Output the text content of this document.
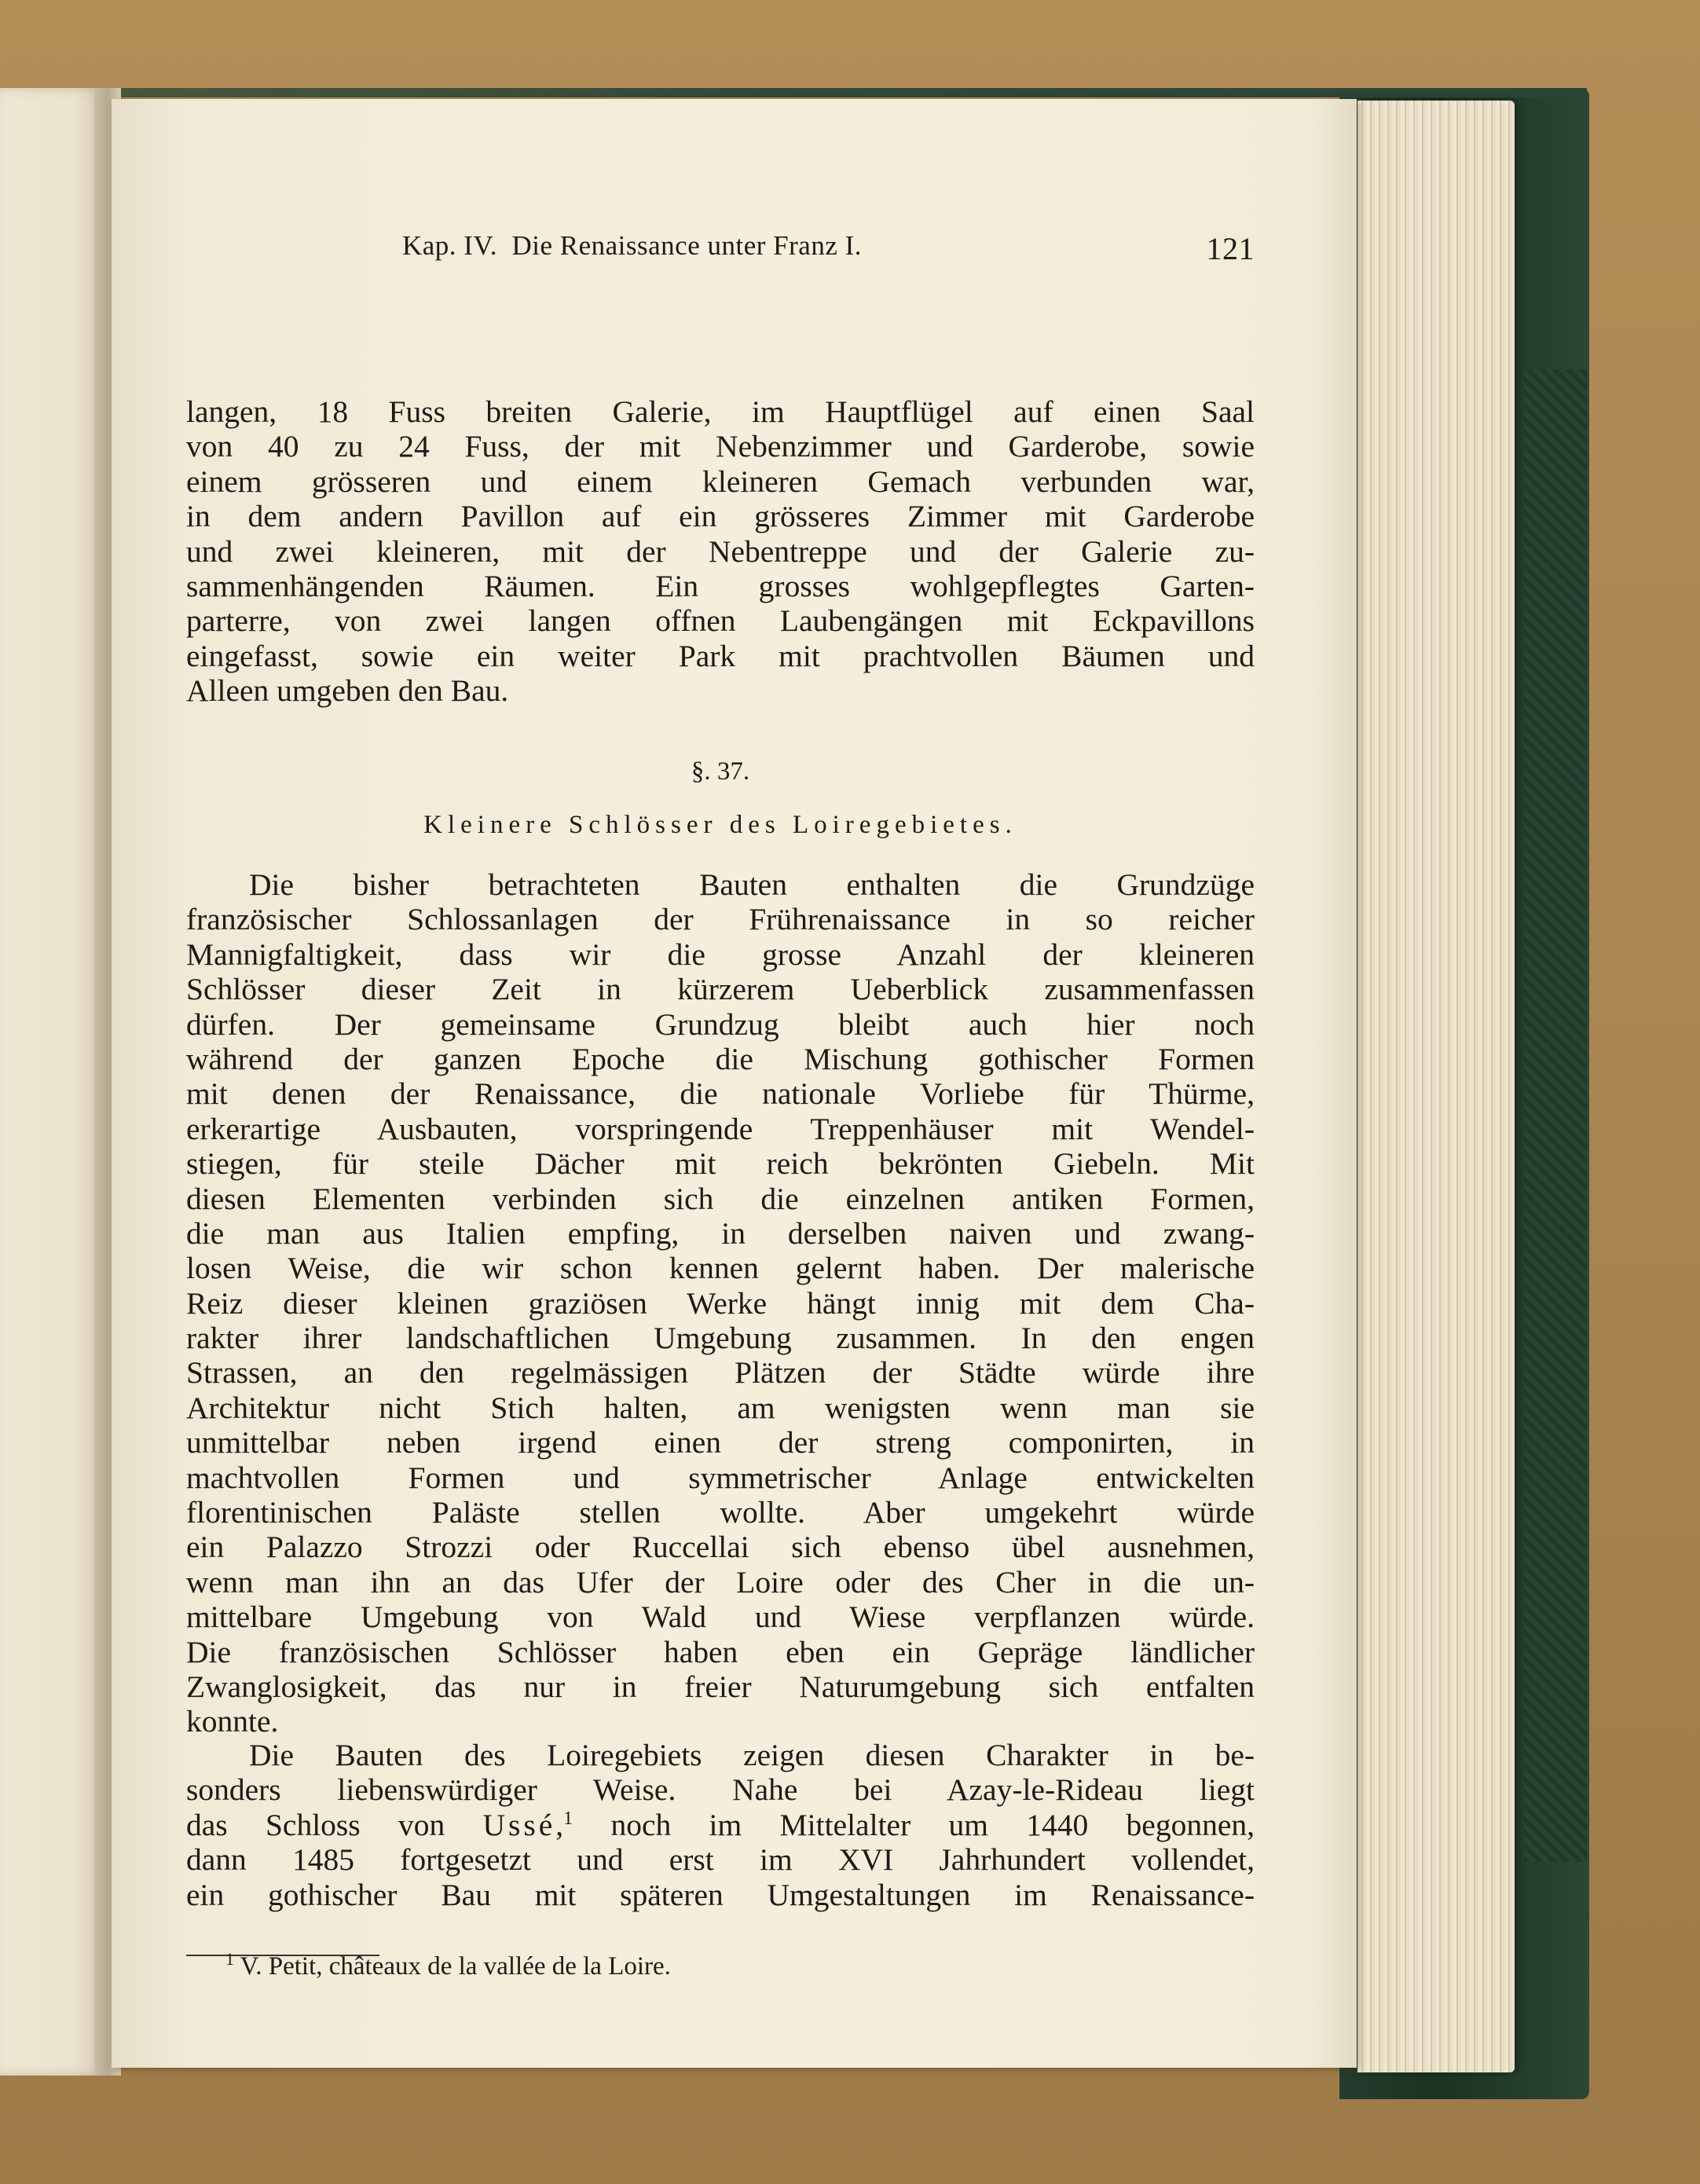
Kap. IV.  Die Renaissance unter Franz I.	121
langen, 18 Fuss breiten Galerie, im Hauptflügel auf einen Saal
von 40 zu 24 Fuss, der mit Nebenzimmer und Garderobe, sowie
einem grösseren und einem kleineren Gemach verbunden war,
in dem andern Pavillon auf ein grösseres Zimmer mit Garderobe
und zwei kleineren, mit der Nebentreppe und der Galerie zu-
sammenhängenden Räumen. Ein grosses wohlgepflegtes Garten-
parterre, von zwei langen offnen Laubengängen mit Eckpavillons
eingefasst, sowie ein weiter Park mit prachtvollen Bäumen und
Alleen umgeben den Bau.
§. 37.
Kleinere Schlösser des Loiregebietes.
Die bisher betrachteten Bauten enthalten die Grundzüge
französischer Schlossanlagen der Frührenaissance in so reicher
Mannigfaltigkeit, dass wir die grosse Anzahl der kleineren
Schlösser dieser Zeit in kürzerem Ueberblick zusammenfassen
dürfen. Der gemeinsame Grundzug bleibt auch hier noch
während der ganzen Epoche die Mischung gothischer Formen
mit denen der Renaissance, die nationale Vorliebe für Thürme,
erkerartige Ausbauten, vorspringende Treppenhäuser mit Wendel-
stiegen, für steile Dächer mit reich bekrönten Giebeln. Mit
diesen Elementen verbinden sich die einzelnen antiken Formen,
die man aus Italien empfing, in derselben naiven und zwang-
losen Weise, die wir schon kennen gelernt haben. Der malerische
Reiz dieser kleinen graziösen Werke hängt innig mit dem Cha-
rakter ihrer landschaftlichen Umgebung zusammen. In den engen
Strassen, an den regelmässigen Plätzen der Städte würde ihre
Architektur nicht Stich halten, am wenigsten wenn man sie
unmittelbar neben irgend einen der streng componirten, in
machtvollen Formen und symmetrischer Anlage entwickelten
florentinischen Paläste stellen wollte. Aber umgekehrt würde
ein Palazzo Strozzi oder Ruccellai sich ebenso übel ausnehmen,
wenn man ihn an das Ufer der Loire oder des Cher in die un-
mittelbare Umgebung von Wald und Wiese verpflanzen würde.
Die französischen Schlösser haben eben ein Gepräge ländlicher
Zwanglosigkeit, das nur in freier Naturumgebung sich entfalten
konnte.
Die Bauten des Loiregebiets zeigen diesen Charakter in be-
sonders liebenswürdiger Weise. Nahe bei Azay-le-Rideau liegt
das Schloss von Ussé,$^1$ noch im Mittelalter um 1440 begonnen,
dann 1485 fortgesetzt und erst im XVI Jahrhundert vollendet,
ein gothischer Bau mit späteren Umgestaltungen im Renaissance-
$^1$ V. Petit, châteaux de la vallée de la Loire.
